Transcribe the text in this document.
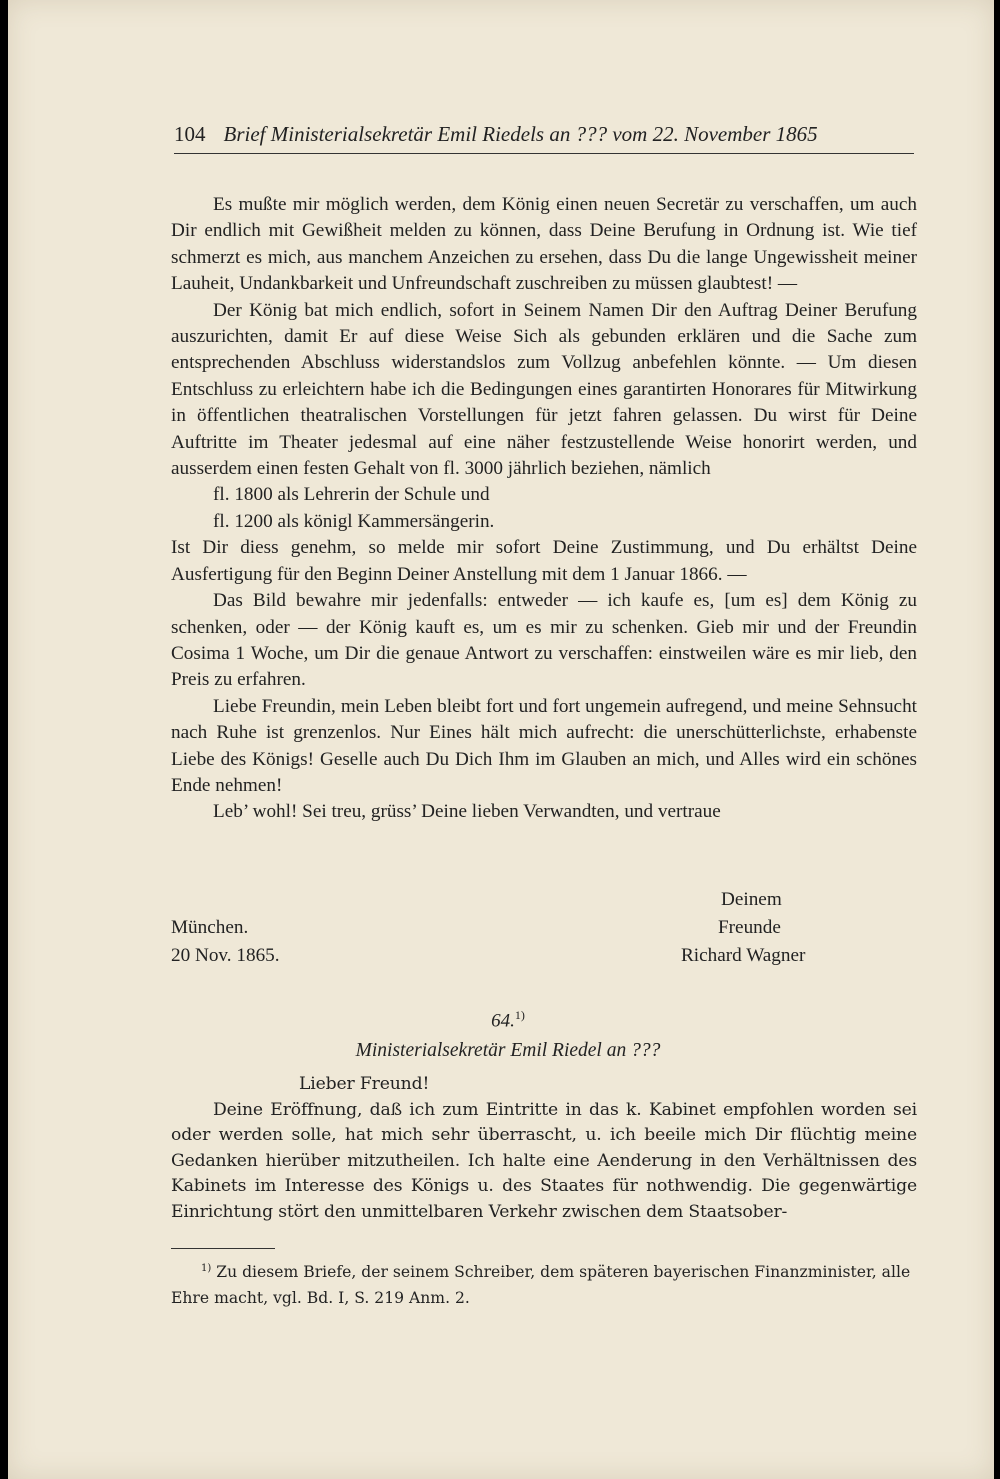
104 Brief Ministerialsekretär Emil Riedels an ??? vom 22. November 1865

Es mußte mir möglich werden, dem König einen neuen Secretär zu verschaffen, um auch Dir endlich mit Gewißheit melden zu können, dass Deine Berufung in Ordnung ist. Wie tief schmerzt es mich, aus manchem Anzeichen zu ersehen, dass Du die lange Ungewissheit meiner Lauheit, Undankbarkeit und Unfreundschaft zuschreiben zu müssen glaubtest! —

Der König bat mich endlich, sofort in Seinem Namen Dir den Auftrag Deiner Berufung auszurichten, damit Er auf diese Weise Sich als gebunden erklären und die Sache zum entsprechenden Abschluss widerstandslos zum Vollzug anbefehlen könnte. — Um diesen Entschluss zu erleichtern habe ich die Bedingungen eines garantirten Honorares für Mitwirkung in öffentlichen theatralischen Vorstellungen für jetzt fahren gelassen. Du wirst für Deine Auftritte im Theater jedesmal auf eine näher festzustellende Weise honorirt werden, und ausserdem einen festen Gehalt von fl. 3000 jährlich beziehen, nämlich

fl. 1800 als Lehrerin der Schule und

fl. 1200 als königl Kammersängerin.

Ist Dir diess genehm, so melde mir sofort Deine Zustimmung, und Du erhältst Deine Ausfertigung für den Beginn Deiner Anstellung mit dem 1 Januar 1866. —

Das Bild bewahre mir jedenfalls: entweder — ich kaufe es, [um es] dem König zu schenken, oder — der König kauft es, um es mir zu schenken. Gieb mir und der Freundin Cosima 1 Woche, um Dir die genaue Antwort zu verschaffen: einstweilen wäre es mir lieb, den Preis zu erfahren.

Liebe Freundin, mein Leben bleibt fort und fort ungemein aufregend, und meine Sehnsucht nach Ruhe ist grenzenlos. Nur Eines hält mich aufrecht: die unerschütterlichste, erhabenste Liebe des Königs! Geselle auch Du Dich Ihm im Glauben an mich, und Alles wird ein schönes Ende nehmen!

Leb’ wohl! Sei treu, grüss’ Deine lieben Verwandten, und vertraue

München.
20 Nov. 1865.
Deinem
Freunde
Richard Wagner
64.$^{1)}$
Ministerialsekretär Emil Riedel an ???
Lieber Freund!

Deine Eröffnung, daß ich zum Eintritte in das k. Kabinet empfohlen worden sei oder werden solle, hat mich sehr überrascht, u. ich beeile mich Dir flüchtig meine Gedanken hierüber mitzutheilen. Ich halte eine Aenderung in den Verhältnissen des Kabinets im Interesse des Königs u. des Staates für nothwendig. Die gegenwärtige Einrichtung stört den unmittelbaren Verkehr zwischen dem Staatsober-

$^{1)}$ Zu diesem Briefe, der seinem Schreiber, dem späteren bayerischen Finanzminister, alle Ehre macht, vgl. Bd. I, S. 219 Anm. 2.
